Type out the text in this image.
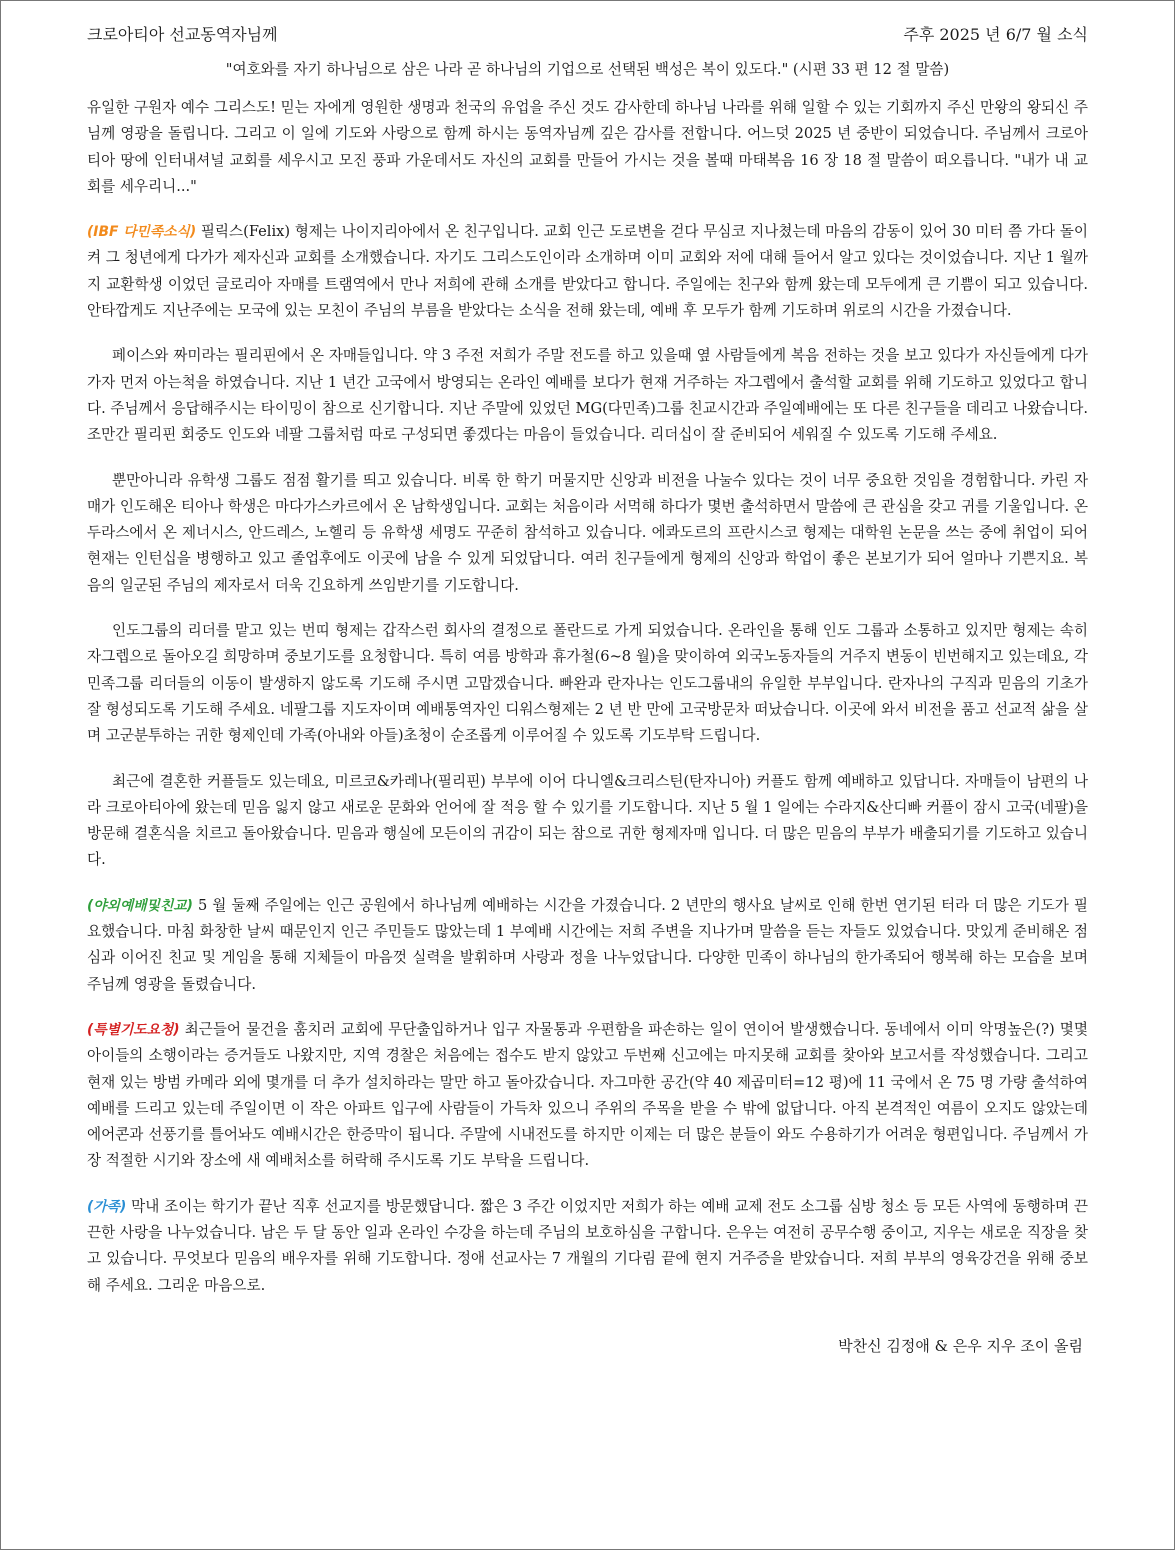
크로아티아 선교동역자님께	주후 2025 년 6/7 월 소식
"여호와를 자기 하나님으로 삼은 나라 곧 하나님의 기업으로 선택된 백성은 복이 있도다." (시편 33 편 12 절 말씀)

유일한 구원자 예수 그리스도! 믿는 자에게 영원한 생명과 천국의 유업을 주신 것도 감사한데 하나님 나라를 위해 일할 수 있는 기회까지 주신 만왕의 왕되신 주님께 영광을 돌립니다. 그리고 이 일에 기도와 사랑으로 함께 하시는 동역자님께 깊은 감사를 전합니다. 어느덧 2025 년 중반이 되었습니다. 주님께서 크로아티아 땅에 인터내셔널 교회를 세우시고 모진 풍파 가운데서도 자신의 교회를 만들어 가시는 것을 볼때 마태복음 16 장 18 절 말씀이 떠오릅니다. "내가 내 교회를 세우리니..."

(IBF 다민족소식) 필릭스(Felix) 형제는 나이지리아에서 온 친구입니다. 교회 인근 도로변을 걷다 무심코 지나쳤는데 마음의 감동이 있어 30 미터 쯤 가다 돌이켜 그 청년에게 다가가 제자신과 교회를 소개했습니다. 자기도 그리스도인이라 소개하며 이미 교회와 저에 대해 들어서 알고 있다는 것이었습니다. 지난 1 월까지 교환학생 이었던 글로리아 자매를 트램역에서 만나 저희에 관해 소개를 받았다고 합니다. 주일에는 친구와 함께 왔는데 모두에게 큰 기쁨이 되고 있습니다. 안타깝게도 지난주에는 모국에 있는 모친이 주님의 부름을 받았다는 소식을 전해 왔는데, 예배 후 모두가 함께 기도하며 위로의 시간을 가졌습니다.

페이스와 짜미라는 필리핀에서 온 자매들입니다. 약 3 주전 저희가 주말 전도를 하고 있을때 옆 사람들에게 복음 전하는 것을 보고 있다가 자신들에게 다가가자 먼저 아는척을 하였습니다. 지난 1 년간 고국에서 방영되는 온라인 예배를 보다가 현재 거주하는 자그렙에서 출석할 교회를 위해 기도하고 있었다고 합니다. 주님께서 응답해주시는 타이밍이 참으로 신기합니다. 지난 주말에 있었던 MG(다민족)그룹 친교시간과 주일예배에는 또 다른 친구들을 데리고 나왔습니다. 조만간 필리핀 회중도 인도와 네팔 그룹처럼 따로 구성되면 좋겠다는 마음이 들었습니다. 리더십이 잘 준비되어 세워질 수 있도록 기도해 주세요.

뿐만아니라 유학생 그룹도 점점 활기를 띄고 있습니다. 비록 한 학기 머물지만 신앙과 비전을 나눌수 있다는 것이 너무 중요한 것임을 경험합니다. 카린 자매가 인도해온 티아나 학생은 마다가스카르에서 온 남학생입니다. 교회는 처음이라 서먹해 하다가 몇번 출석하면서 말씀에 큰 관심을 갖고 귀를 기울입니다. 온두라스에서 온 제너시스, 안드레스, 노헬리 등 유학생 세명도 꾸준히 참석하고 있습니다. 에콰도르의 프란시스코 형제는 대학원 논문을 쓰는 중에 취업이 되어 현재는 인턴십을 병행하고 있고 졸업후에도 이곳에 남을 수 있게 되었답니다. 여러 친구들에게 형제의 신앙과 학업이 좋은 본보기가 되어 얼마나 기쁜지요. 복음의 일군된 주님의 제자로서 더욱 긴요하게 쓰임받기를 기도합니다.

인도그룹의 리더를 맡고 있는 번띠 형제는 갑작스런 회사의 결정으로 폴란드로 가게 되었습니다. 온라인을 통해 인도 그룹과 소통하고 있지만 형제는 속히 자그렙으로 돌아오길 희망하며 중보기도를 요청합니다. 특히 여름 방학과 휴가철(6~8 월)을 맞이하여 외국노동자들의 거주지 변동이 빈번해지고 있는데요, 각 민족그룹 리더들의 이동이 발생하지 않도록 기도해 주시면 고맙겠습니다. 빠완과 란자나는 인도그룹내의 유일한 부부입니다. 란자나의 구직과 믿음의 기초가 잘 형성되도록 기도해 주세요. 네팔그룹 지도자이며 예배통역자인 디워스형제는 2 년 반 만에 고국방문차 떠났습니다. 이곳에 와서 비전을 품고 선교적 삶을 살며 고군분투하는 귀한 형제인데 가족(아내와 아들)초청이 순조롭게 이루어질 수 있도록 기도부탁 드립니다.

최근에 결혼한 커플들도 있는데요, 미르코&카레나(필리핀) 부부에 이어 다니엘&크리스틴(탄자니아) 커플도 함께 예배하고 있답니다. 자매들이 남편의 나라 크로아티아에 왔는데 믿음 잃지 않고 새로운 문화와 언어에 잘 적응 할 수 있기를 기도합니다. 지난 5 월 1 일에는 수라지&산디빠 커플이 잠시 고국(네팔)을 방문해 결혼식을 치르고 돌아왔습니다. 믿음과 행실에 모든이의 귀감이 되는 참으로 귀한 형제자매 입니다. 더 많은 믿음의 부부가 배출되기를 기도하고 있습니다.

(야외예배및친교) 5 월 둘째 주일에는 인근 공원에서 하나님께 예배하는 시간을 가졌습니다. 2 년만의 행사요 날씨로 인해 한번 연기된 터라 더 많은 기도가 필요했습니다. 마침 화창한 날씨 때문인지 인근 주민들도 많았는데 1 부예배 시간에는 저희 주변을 지나가며 말씀을 듣는 자들도 있었습니다. 맛있게 준비해온 점심과 이어진 친교 및 게임을 통해 지체들이 마음껏 실력을 발휘하며 사랑과 정을 나누었답니다. 다양한 민족이 하나님의 한가족되어 행복해 하는 모습을 보며 주님께 영광을 돌렸습니다.

(특별기도요청) 최근들어 물건을 훔치러 교회에 무단출입하거나 입구 자물통과 우편함을 파손하는 일이 연이어 발생했습니다. 동네에서 이미 악명높은(?) 몇몇 아이들의 소행이라는 증거들도 나왔지만, 지역 경찰은 처음에는 접수도 받지 않았고 두번째 신고에는 마지못해 교회를 찾아와 보고서를 작성했습니다. 그리고 현재 있는 방범 카메라 외에 몇개를 더 추가 설치하라는 말만 하고 돌아갔습니다. 자그마한 공간(약 40 제곱미터=12 평)에 11 국에서 온 75 명 가량 출석하여 예배를 드리고 있는데 주일이면 이 작은 아파트 입구에 사람들이 가득차 있으니 주위의 주목을 받을 수 밖에 없답니다. 아직 본격적인 여름이 오지도 않았는데 에어콘과 선풍기를 틀어놔도 예배시간은 한증막이 됩니다. 주말에 시내전도를 하지만 이제는 더 많은 분들이 와도 수용하기가 어려운 형편입니다. 주님께서 가장 적절한 시기와 장소에 새 예배처소를 허락해 주시도록 기도 부탁을 드립니다.

(가족) 막내 조이는 학기가 끝난 직후 선교지를 방문했답니다. 짧은 3 주간 이었지만 저희가 하는 예배 교제 전도 소그룹 심방 청소 등 모든 사역에 동행하며 끈끈한 사랑을 나누었습니다. 남은 두 달 동안 일과 온라인 수강을 하는데 주님의 보호하심을 구합니다. 은우는 여전히 공무수행 중이고, 지우는 새로운 직장을 찾고 있습니다. 무엇보다 믿음의 배우자를 위해 기도합니다. 정애 선교사는 7 개월의 기다림 끝에 현지 거주증을 받았습니다. 저희 부부의 영육강건을 위해 중보해 주세요. 그리운 마음으로.

박찬신 김정애 & 은우 지우 조이 올림
